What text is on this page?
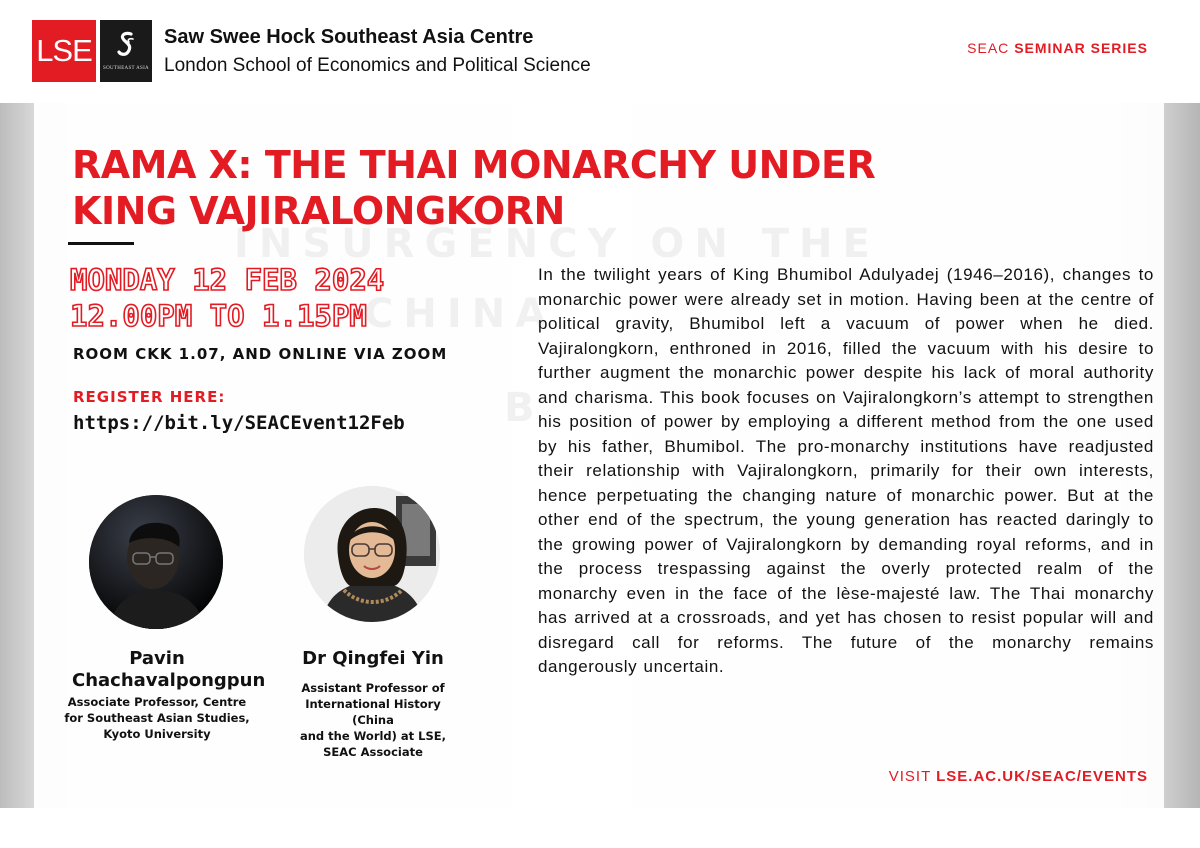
LSE
SOUTHEAST ASIA
Saw Swee Hock Southeast Asia Centre
London School of Economics and Political Science
SEAC SEMINAR SERIES
INSURGENCY ON THE
CHINA
B
RAMA X: THE THAI MONARCHY UNDER
KING VAJIRALONGKORN
MONDAY 12 FEB 2024
12.00PM TO 1.15PM
ROOM CKK 1.07, AND ONLINE VIA ZOOM
REGISTER HERE:
https://bit.ly/SEACEvent12Feb
Pavin
Chachavalpongpun
Associate Professor, Centre
for Southeast Asian Studies,
Kyoto University
Dr Qingfei Yin
Assistant Professor of
International History (China
and the World) at LSE,
SEAC Associate

In the twilight years of King Bhumibol Adulyadej (1946–2016), changes to monarchic power were already set in motion. Having been at the centre of political gravity, Bhumibol left a vacuum of power when he died. Vajiralongkorn, enthroned in 2016, filled the vacuum with his desire to further augment the monarchic power despite his lack of moral authority and charisma. This book focuses on Vajiralongkorn’s attempt to strengthen his position of power by employing a different method from the one used by his father, Bhumibol. The pro-monarchy institutions have readjusted their relationship with Vajiralongkorn, primarily for their own interests, hence perpetuating the changing nature of monarchic power. But at the other end of the spectrum, the young generation has reacted daringly to the growing power of Vajiralongkorn by demanding royal reforms, and in the process trespassing against the overly protected realm of the monarchy even in the face of the lèse-majesté law. The Thai monarchy has arrived at a crossroads, and yet has chosen to resist popular will and disregard call for reforms. The future of the monarchy remains dangerously uncertain.

VISIT LSE.AC.UK/SEAC/EVENTS
